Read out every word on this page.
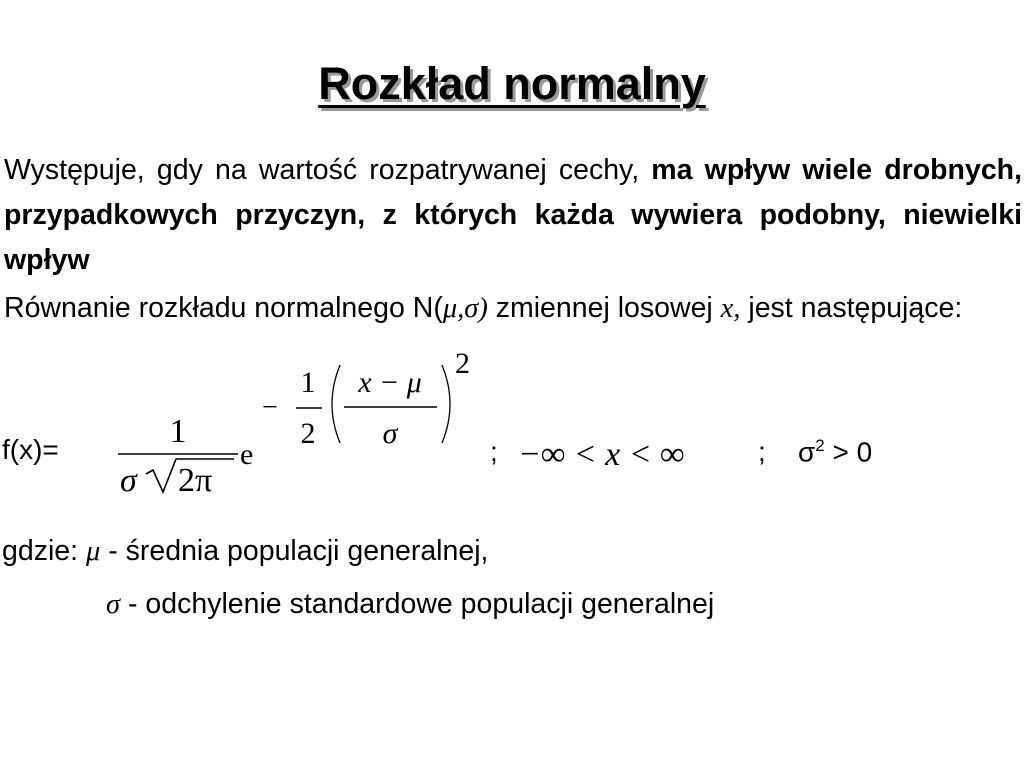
Rozkład normalny
Występuje, gdy na wartość rozpatrywanej cechy, ma wpływ wiele drobnych, przypadkowych przyczyn, z których każda wywiera podobny, niewielki wpływ
Równanie rozkładu normalnego N(μ,σ) zmiennej losowej x, jest następujące:
f(x)=	1
σ 2π
e
−
1
2
x − μ
σ
2
; −∞ < x < ∞	; $\sigma^2 > 0$
gdzie: μ - średnia populacji generalnej,
σ - odchylenie standardowe populacji generalnej
